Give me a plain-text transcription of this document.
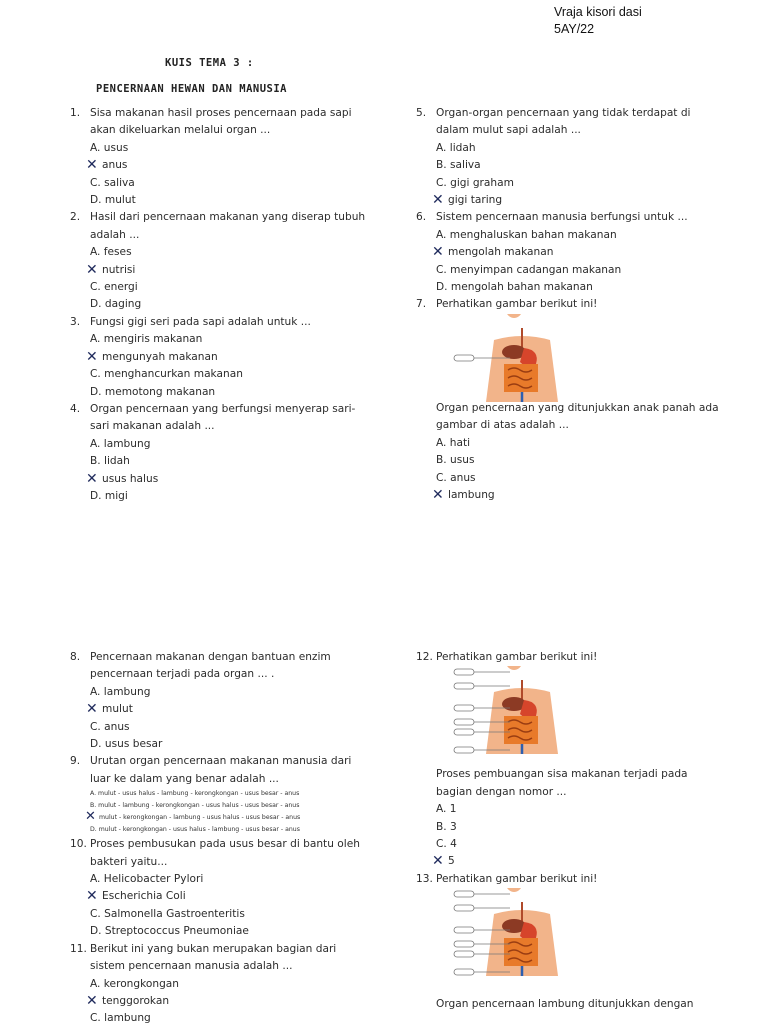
Vraja kisori dasi
5AY/22
KUIS TEMA 3 :
PENCERNAAN HEWAN DAN MANUSIA
1. Sisa makanan hasil proses pencernaan pada sapi
akan dikeluarkan melalui organ ...
A. usus
✕ anus
C. saliva
D. mulut
2. Hasil dari pencernaan makanan yang diserap tubuh
adalah ...
A. feses
✕ nutrisi
C. energi
D. daging
3. Fungsi gigi seri pada sapi adalah untuk ...
A. mengiris makanan
✕ mengunyah makanan
C. menghancurkan makanan
D. memotong makanan
4. Organ pencernaan yang berfungsi menyerap sari-
sari makanan adalah ...
A. lambung
B. lidah
✕ usus halus
D. migi
5. Organ-organ pencernaan yang tidak terdapat di
dalam mulut sapi adalah ...
A. lidah
B. saliva
C. gigi graham
✕ gigi taring
6. Sistem pencernaan manusia berfungsi untuk ...
A. menghaluskan bahan makanan
✕ mengolah makanan
C. menyimpan cadangan makanan
D. mengolah bahan makanan
7. Perhatikan gambar berikut ini!
Organ pencernaan yang ditunjukkan anak panah ada
gambar di atas adalah ...
A. hati
B. usus
C. anus
✕ lambung
8. Pencernaan makanan dengan bantuan enzim
pencernaan terjadi pada organ ... .
A. lambung
✕ mulut
C. anus
D. usus besar
9. Urutan organ pencernaan makanan manusia dari
luar ke dalam yang benar adalah ...
A. mulut - usus halus - lambung - kerongkongan - usus besar - anus
B. mulut - lambung - kerongkongan - usus halus - usus besar - anus
✕ mulut - kerongkongan - lambung - usus halus - usus besar - anus
D. mulut - kerongkongan - usus halus - lambung - usus besar - anus
10. Proses pembusukan pada usus besar di bantu oleh
bakteri yaitu...
A. Helicobacter Pylori
✕ Escherichia Coli
C. Salmonella Gastroenteritis
D. Streptococcus Pneumoniae
11. Berikut ini yang bukan merupakan bagian dari
sistem pencernaan manusia adalah ...
A. kerongkongan
✕ tenggorokan
C. lambung
12. Perhatikan gambar berikut ini!
Proses pembuangan sisa makanan terjadi pada
bagian dengan nomor ...
A. 1
B. 3
C. 4
✕ 5
13. Perhatikan gambar berikut ini!
Organ pencernaan lambung ditunjukkan dengan
